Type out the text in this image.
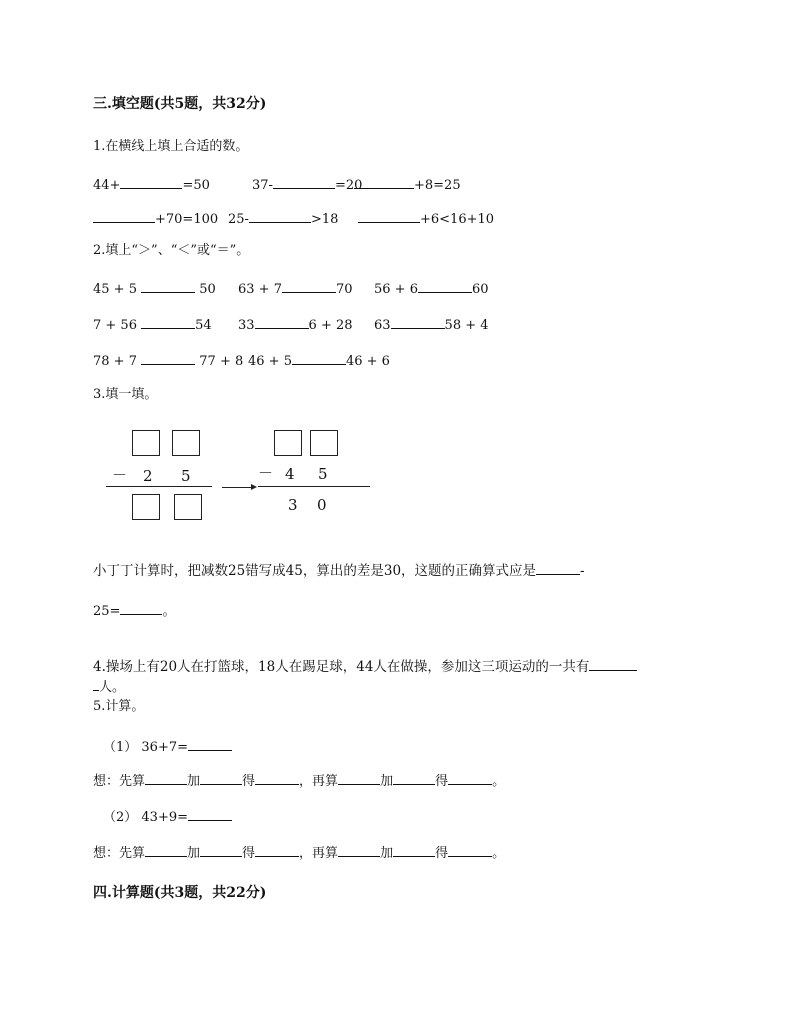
三.填空题(共5题，共32分)
1.在横线上填上合适的数。
44+	=50	37-	=20	+8=25
+70=100 25-	>18	+6<16+10
2.填上“＞”、“＜”或“＝”。
45 + 5	50 63 + 7	70 56 + 6	60
7 + 56	54 33	6 + 28 63	58 + 4
78 + 7	77 + 8 46 + 5	46 + 6
3.填一填。
－ 2 5	－ 4 5
3 0
小丁丁计算时，把减数25错写成45，算出的差是30，这题的正确算式应是	-
25=	。
4.操场上有20人在打篮球，18人在踢足球，44人在做操，参加这三项运动的一共有
人。
5.计算。
（1） 36+7=
想：先算	加	得	，再算	加	得	。
（2） 43+9=
想：先算	加	得	，再算	加	得	。
四.计算题(共3题，共22分)
